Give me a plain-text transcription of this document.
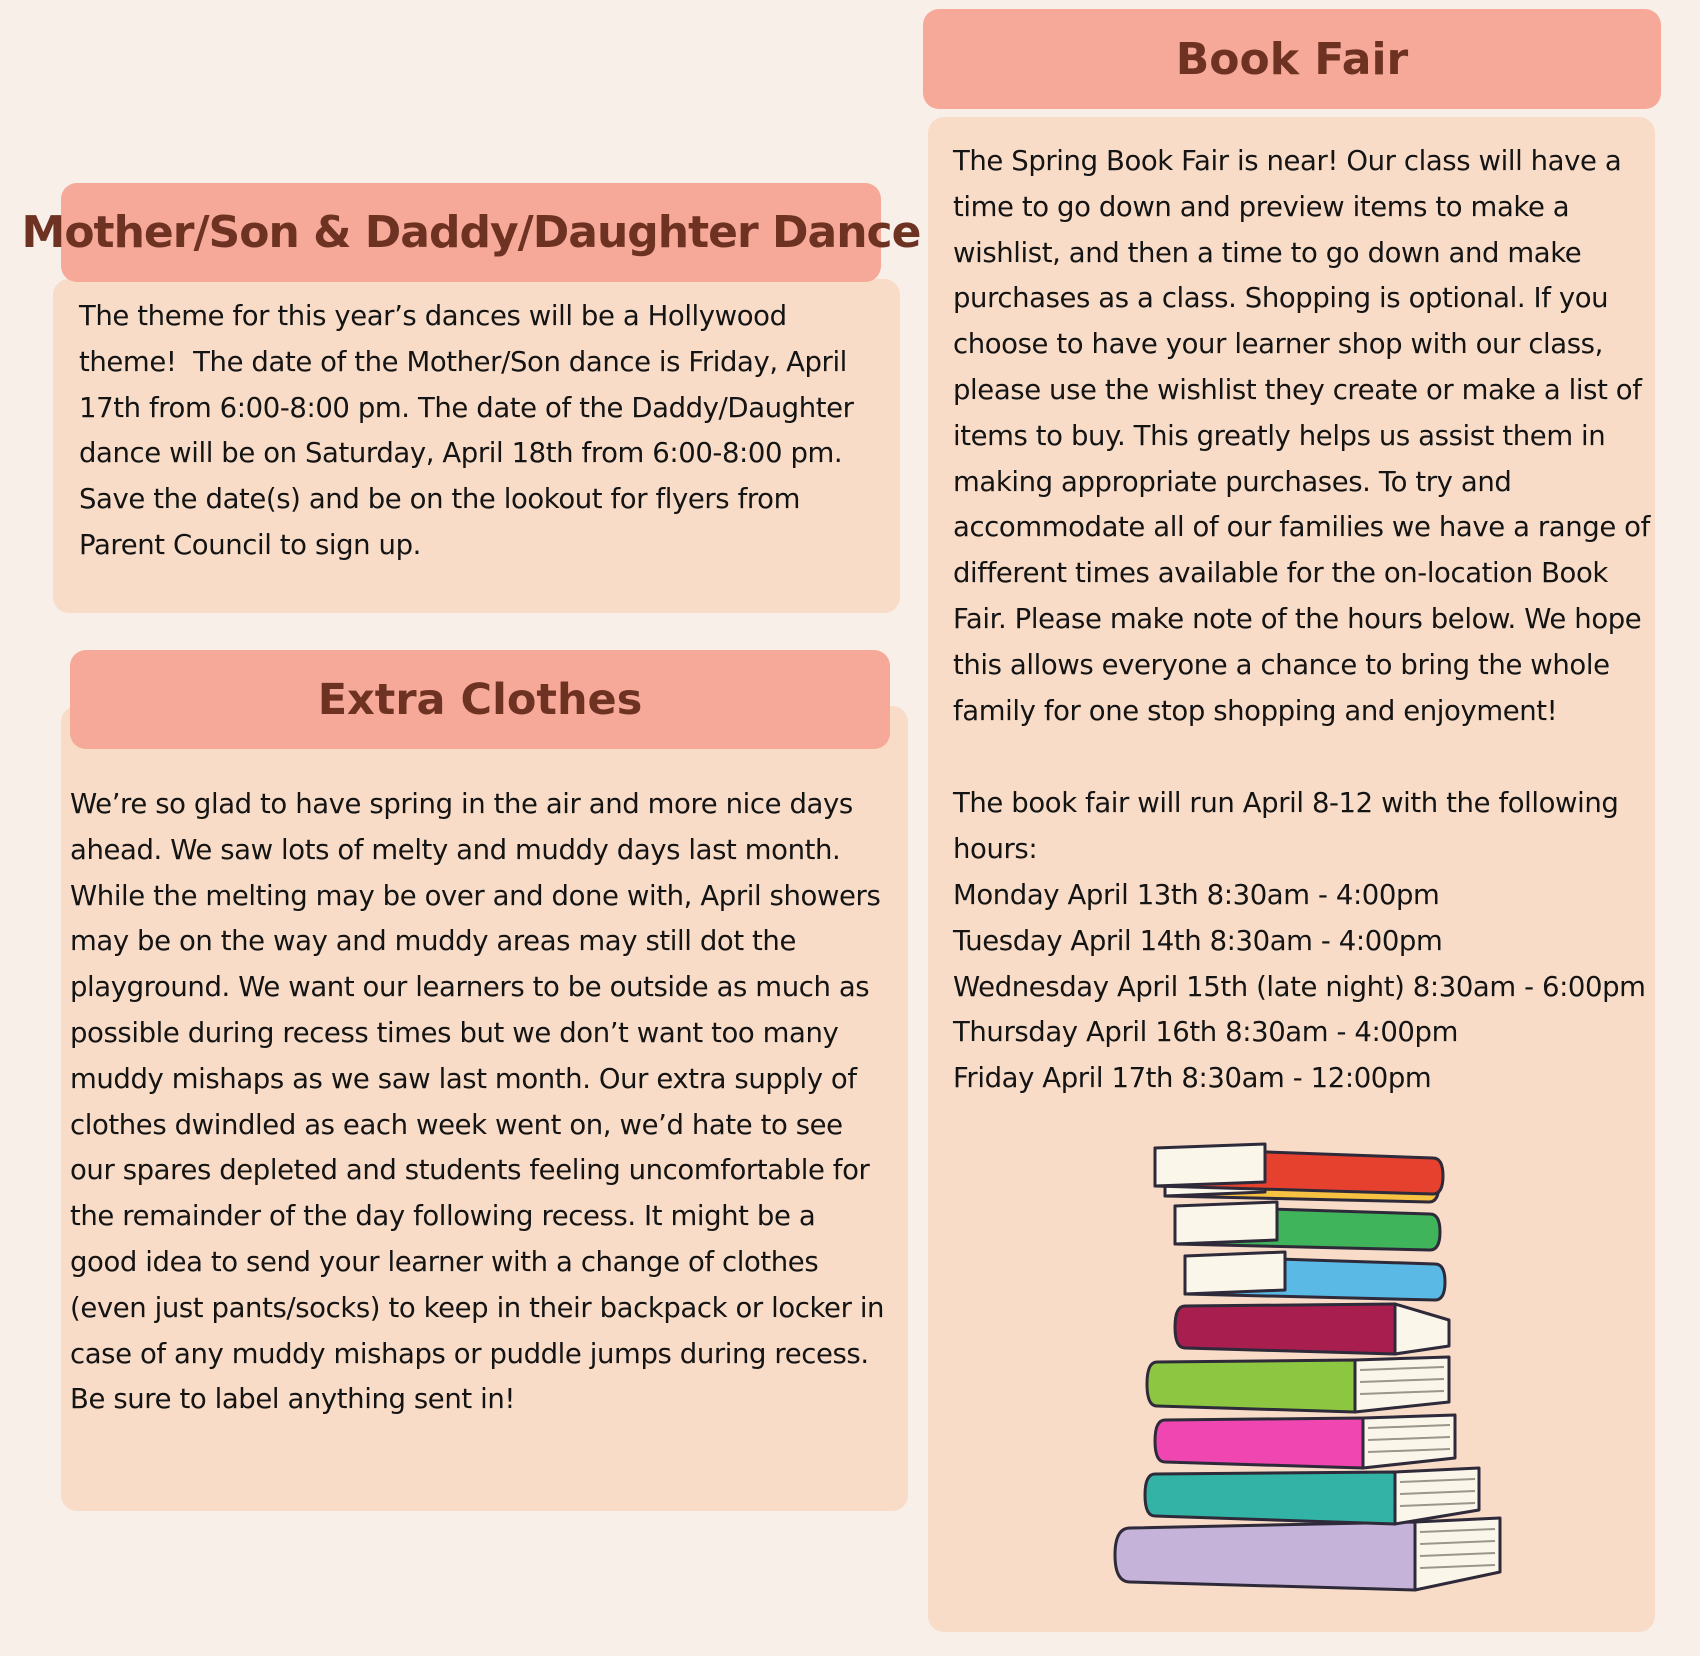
Mother/Son & Daddy/Daughter Dance

The theme for this year’s dances will be a Hollywood
theme!  The date of the Mother/Son dance is Friday, April
17th from 6:00-8:00 pm. The date of the Daddy/Daughter
dance will be on Saturday, April 18th from 6:00-8:00 pm.
Save the date(s) and be on the lookout for flyers from
Parent Council to sign up.

Extra Clothes

We’re so glad to have spring in the air and more nice days
ahead. We saw lots of melty and muddy days last month.
While the melting may be over and done with, April showers
may be on the way and muddy areas may still dot the
playground. We want our learners to be outside as much as
possible during recess times but we don’t want too many
muddy mishaps as we saw last month. Our extra supply of
clothes dwindled as each week went on, we’d hate to see
our spares depleted and students feeling uncomfortable for
the remainder of the day following recess. It might be a
good idea to send your learner with a change of clothes
(even just pants/socks) to keep in their backpack or locker in
case of any muddy mishaps or puddle jumps during recess.
Be sure to label anything sent in!

Book Fair

The Spring Book Fair is near! Our class will have a
time to go down and preview items to make a
wishlist, and then a time to go down and make
purchases as a class. Shopping is optional. If you
choose to have your learner shop with our class,
please use the wishlist they create or make a list of
items to buy. This greatly helps us assist them in
making appropriate purchases. To try and
accommodate all of our families we have a range of
different times available for the on-location Book
Fair. Please make note of the hours below. We hope
this allows everyone a chance to bring the whole
family for one stop shopping and enjoyment!

The book fair will run April 8-12 with the following
hours:

Monday April 13th 8:30am - 4:00pm
Tuesday April 14th 8:30am - 4:00pm
Wednesday April 15th (late night) 8:30am - 6:00pm
Thursday April 16th 8:30am - 4:00pm
Friday April 17th 8:30am - 12:00pm
